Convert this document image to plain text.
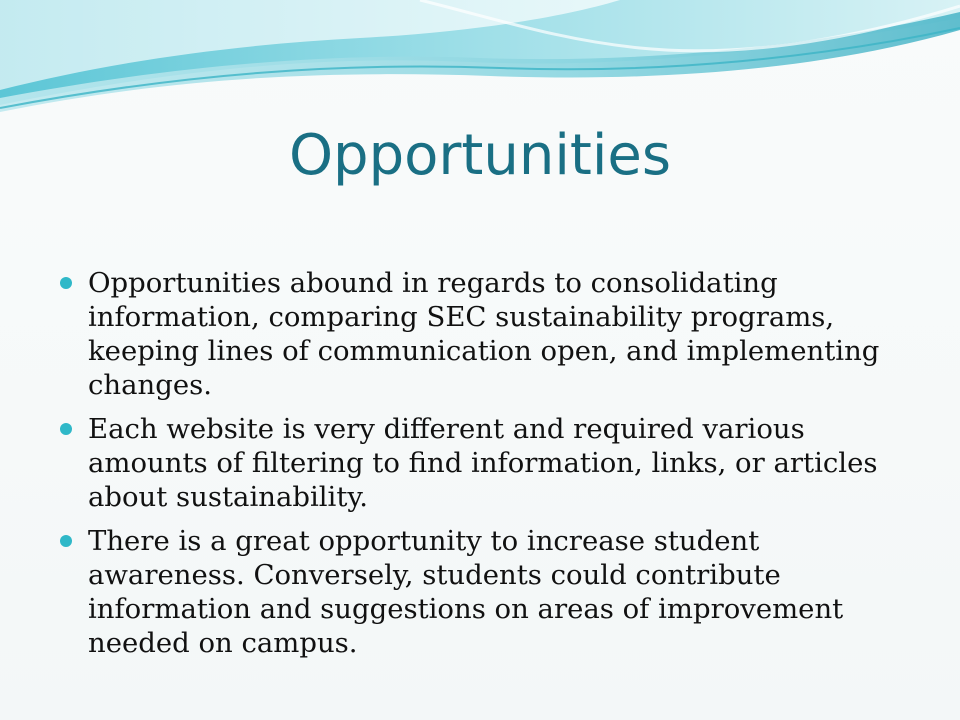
Opportunities
Opportunities abound in regards to consolidating information, comparing SEC sustainability programs, keeping lines of communication open, and implementing changes.
Each website is very different and required various amounts of filtering to find information, links, or articles about sustainability.
There is a great opportunity to increase student awareness. Conversely, students could contribute information and suggestions on areas of improvement needed on campus.
